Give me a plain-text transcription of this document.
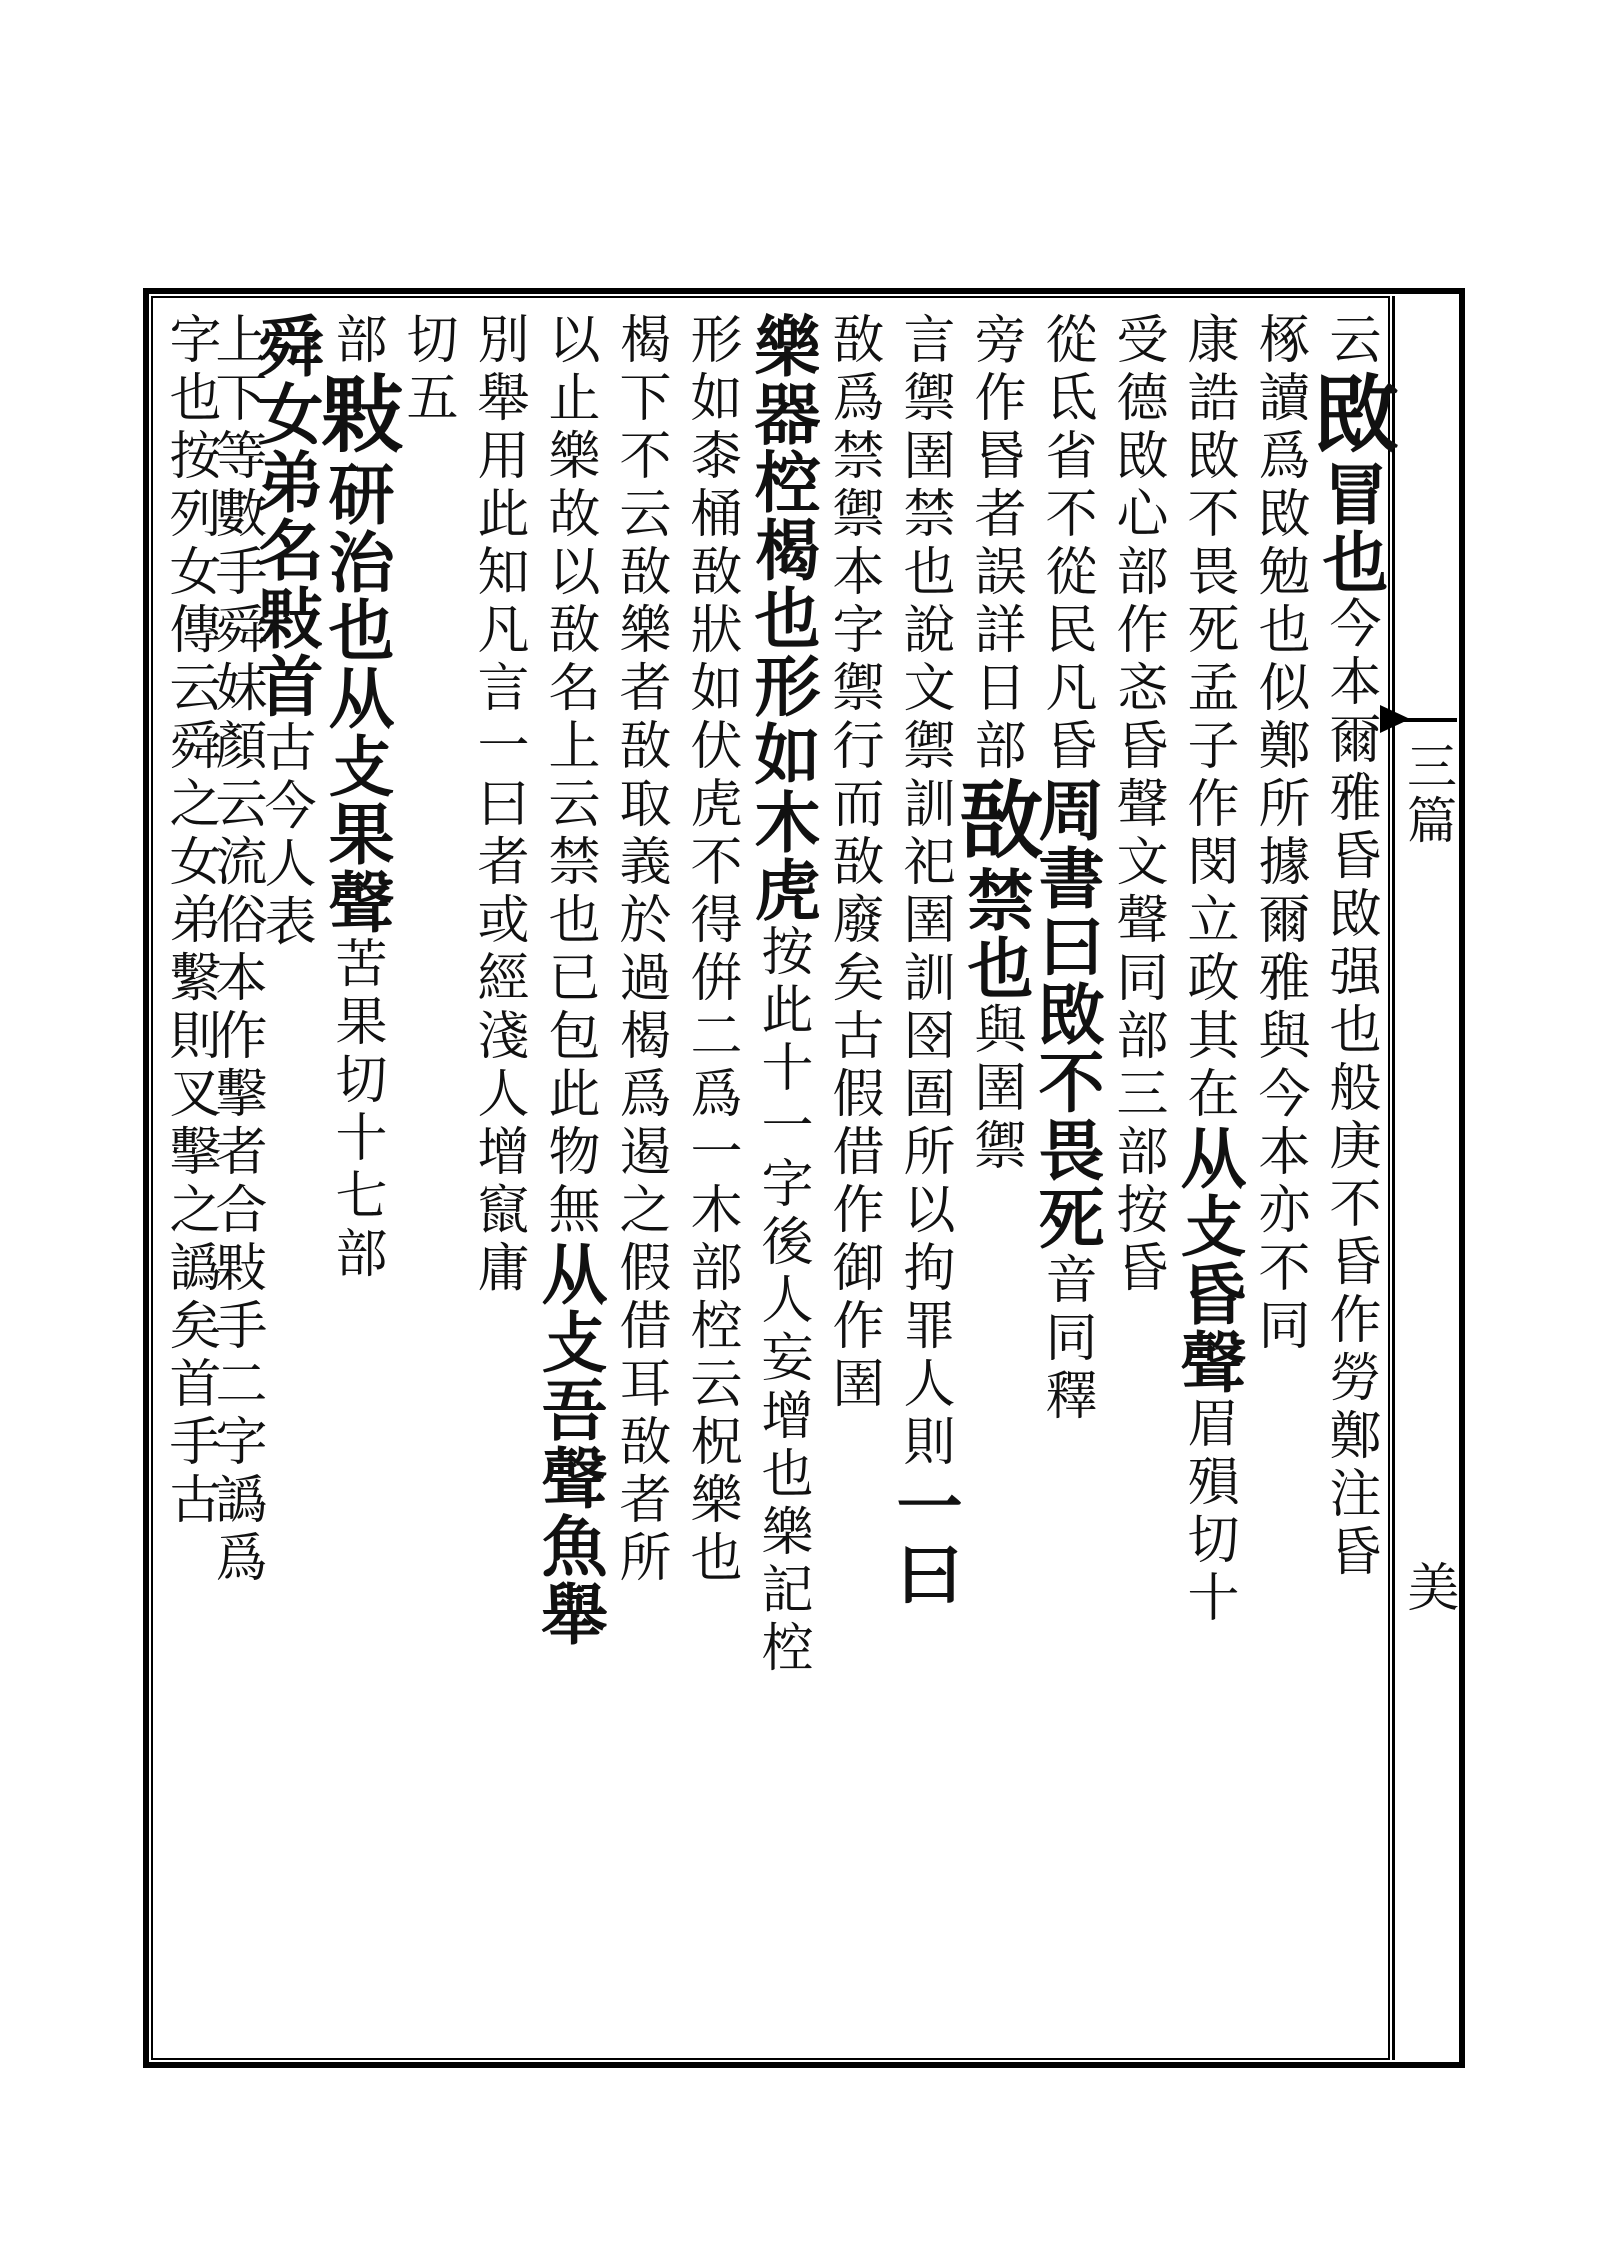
三篇
美
云敃冒也今本爾雅昏敃强也般庚不昏作勞鄭注昏
椓讀爲敃勉也似鄭所據爾雅與今本亦不同
康誥敃不畏死孟子作閔立政其在从攴昏聲眉殞切十
受德敃心部作忞昏聲文聲同部三部按昏
從氐省不從民凡昏周書曰敃不畏死音同釋
旁作昬者誤詳日部敔禁也與圉禦
言禦圉禁也說文禦訓祀圉訓囹圄所以拘罪人則一曰
敔爲禁禦本字禦行而敔廢矣古假借作御作圉
樂器椌楬也形如木虎按此十一字後人妄增也樂記椌
形如桼桶敔狀如伏虎不得倂二爲一木部椌云柷樂也
楬下不云敔樂者敔取義於過楬爲遏之假借耳敔者所
以止樂故以敔名上云禁也已包此物無从攴吾聲魚舉
別舉用此知凡言一曰者或經淺人增竄庸
切五
部敤研治也从攴果聲苦果切十七部
舜女弟名敤首古今人表
上下等數手舜妹顏云流俗本作擊者合敤手二字譌爲
字也按列女傳云舜之女弟繫則叉擊之譌矣首手古
